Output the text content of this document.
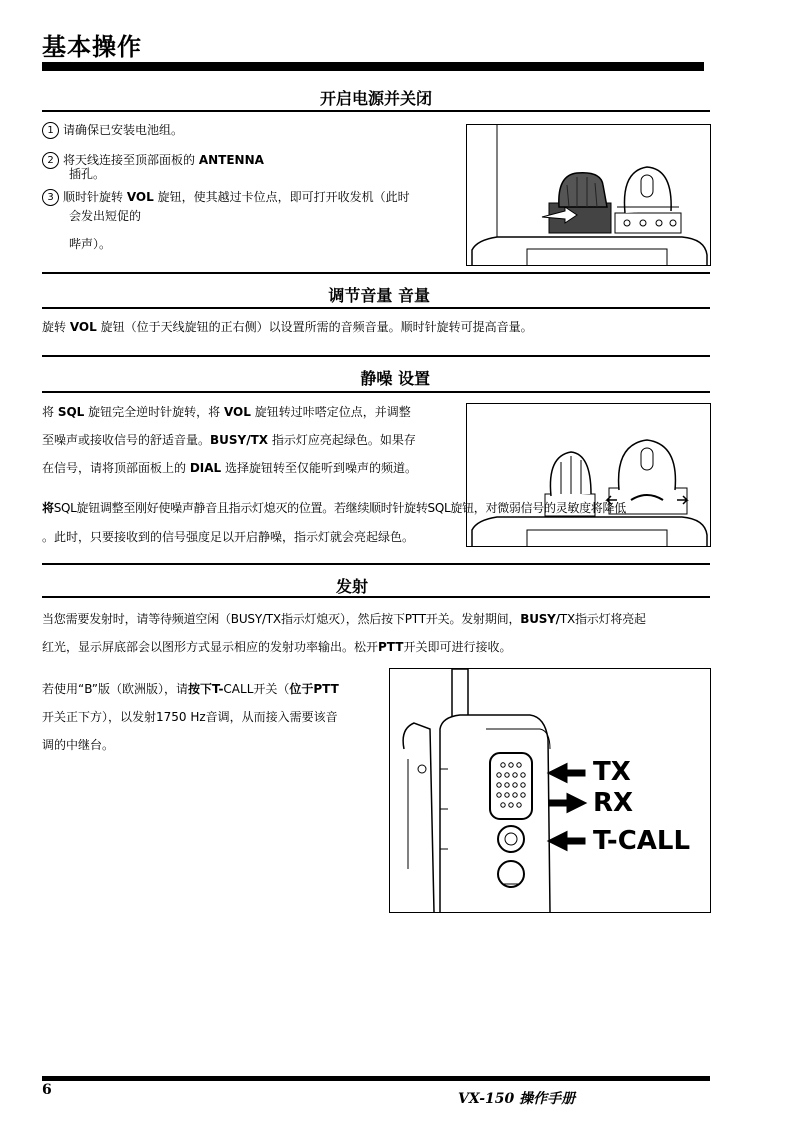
基本操作
开启电源并关闭
1 请确保已安装电池组。
2 将天线连接至顶部面板的 ANTENNA
插孔。
3 顺时针旋转 VOL 旋钮，使其越过卡位点，即可打开收发机（此时
会发出短促的
哔声）。
调节音量 音量
旋转 VOL 旋钮（位于天线旋钮的正右侧）以设置所需的音频音量。顺时针旋转可提高音量。
静噪 设置
将 SQL 旋钮完全逆时针旋转，将 VOL 旋钮转过咔嗒定位点，并调整
至噪声或接收信号的舒适音量。BUSY/TX 指示灯应亮起绿色。如果存
在信号，请将顶部面板上的 DIAL 选择旋钮转至仅能听到噪声的频道。
将SQL旋钮调整至刚好使噪声静音且指示灯熄灭的位置。若继续顺时针旋转SQL旋钮，对微弱信号的灵敏度将降低
。此时，只要接收到的信号强度足以开启静噪，指示灯就会亮起绿色。
发射
当您需要发射时，请等待频道空闲（BUSY/TX指示灯熄灭），然后按下PTT开关。发射期间，BUSY/TX指示灯将亮起
红光，显示屏底部会以图形方式显示相应的发射功率输出。松开PTT开关即可进行接收。
若使用“B”版（欧洲版），请按下T-CALL开关（位于PTT
开关正下方），以发射1750 Hz音调，从而接入需要该音
调的中继台。
TX
RX
T-CALL
6
VX-150 操作手册
